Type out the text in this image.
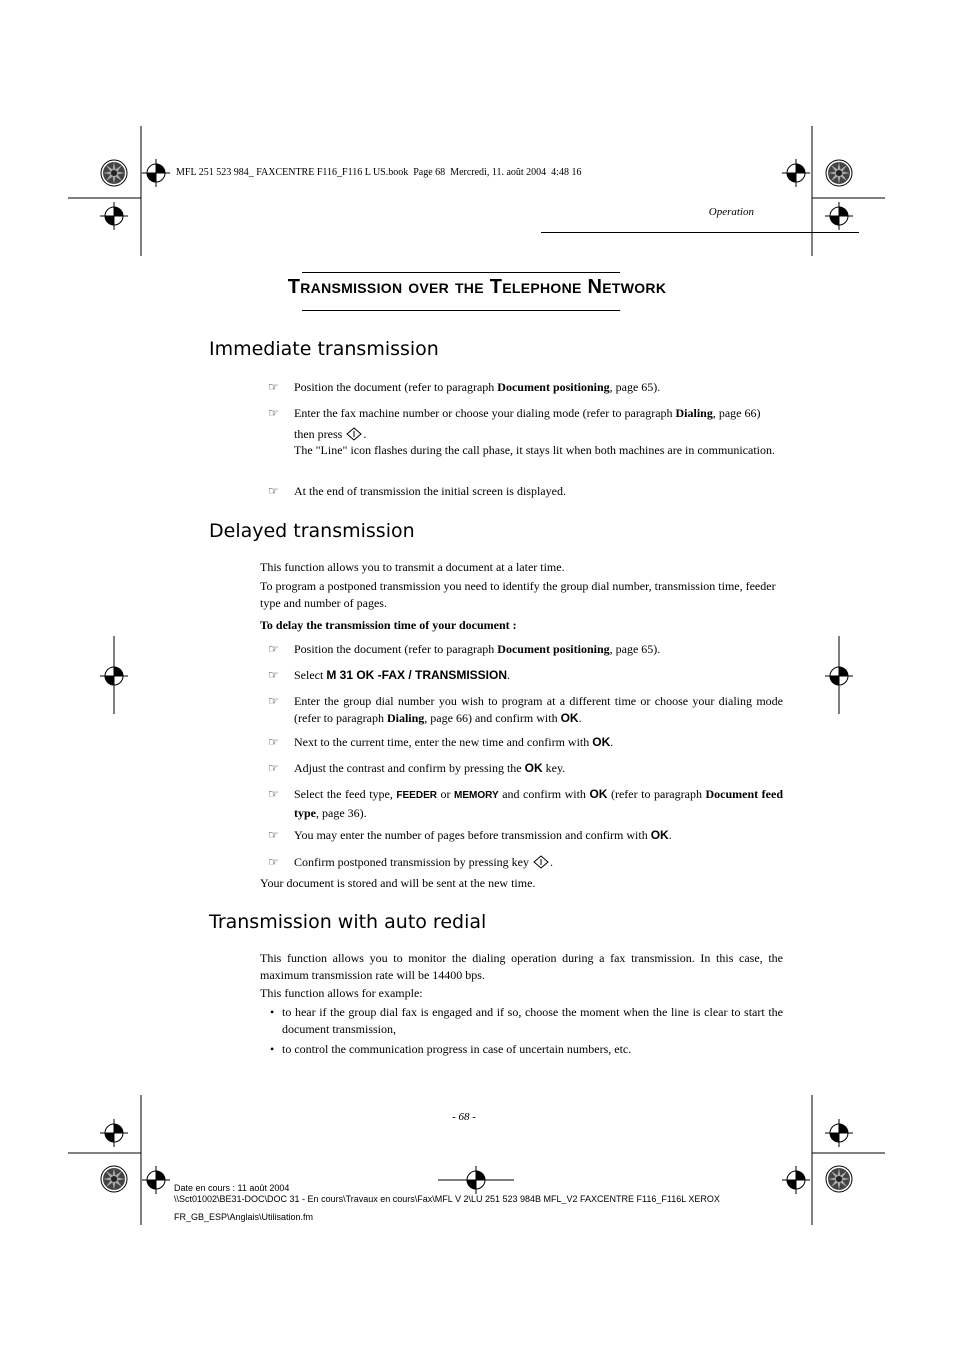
MFL 251 523 984_ FAXCENTRE F116_F116 L US.book  Page 68  Mercredi, 11. août 2004  4:48 16
Operation
Transmission over the Telephone Network
Immediate transmission
☞	Position the document (refer to paragraph Document positioning, page 65).
☞	Enter the fax machine number or choose your dialing mode (refer to paragraph Dialing, page 66)
then press .
The "Line" icon flashes during the call phase, it stays lit when both machines are in communication.
☞	At the end of transmission the initial screen is displayed.
Delayed transmission
This function allows you to transmit a document at a later time.
To program a postponed transmission you need to identify the group dial number, transmission time, feeder type and number of pages.
To delay the transmission time of your document :
☞	Position the document (refer to paragraph Document positioning, page 65).
☞	Select M 31 OK -FAX / TRANSMISSION.
☞	Enter the group dial number you wish to program at a different time or choose your dialing mode (refer to paragraph Dialing, page 66) and confirm with OK.
☞	Next to the current time, enter the new time and confirm with OK.
☞	Adjust the contrast and confirm by pressing the OK key.
☞	Select the feed type, FEEDER or MEMORY and confirm with OK (refer to paragraph Document feed type, page 36).
☞	You may enter the number of pages before transmission and confirm with OK.
☞	Confirm postponed transmission by pressing key .
Your document is stored and will be sent at the new time.
Transmission with auto redial
This function allows you to monitor the dialing operation during a fax transmission. In this case, the maximum transmission rate will be 14400 bps.
This function allows for example:
• to hear if the group dial fax is engaged and if so, choose the moment when the line is clear to start the document transmission,
• to control the communication progress in case of uncertain numbers, etc.
- 68 -
Date en cours : 11 août 2004
\\Sct01002\BE31-DOC\DOC 31 - En cours\Travaux en cours\Fax\MFL V 2\LU 251 523 984B MFL_V2 FAXCENTRE F116_F116L XEROX
FR_GB_ESP\Anglais\Utilisation.fm
